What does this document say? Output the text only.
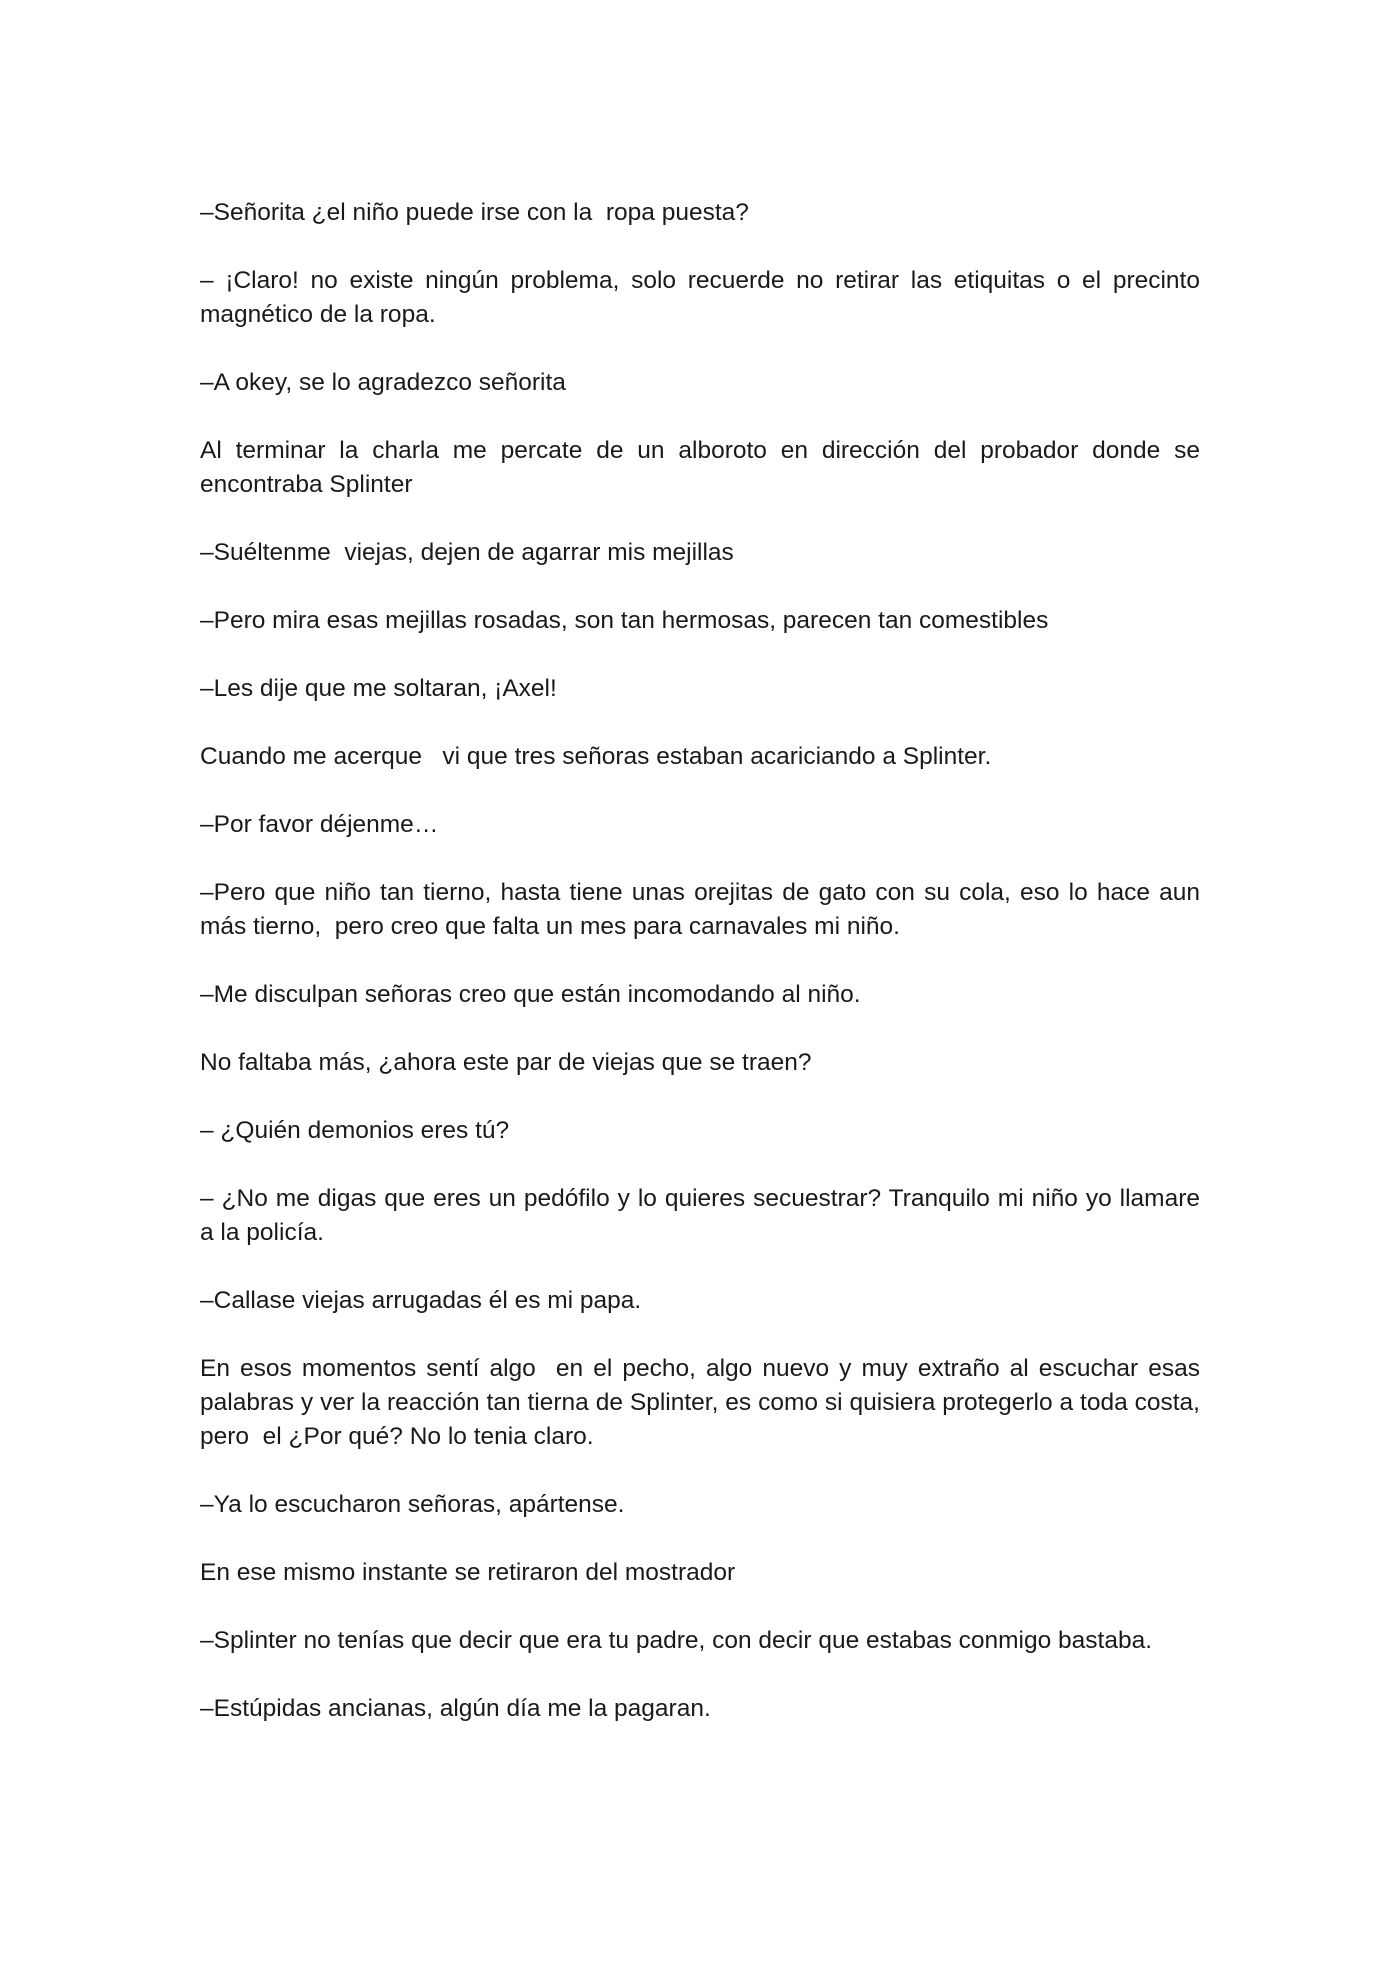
–Señorita ¿el niño puede irse con la  ropa puesta?

– ¡Claro! no existe ningún problema, solo recuerde no retirar las etiquitas o el precinto magnético de la ropa.

–A okey, se lo agradezco señorita

Al terminar la charla me percate de un alboroto en dirección del probador donde se encontraba Splinter

–Suéltenme  viejas, dejen de agarrar mis mejillas

–Pero mira esas mejillas rosadas, son tan hermosas, parecen tan comestibles

–Les dije que me soltaran, ¡Axel!

Cuando me acerque   vi que tres señoras estaban acariciando a Splinter.

–Por favor déjenme…

–Pero que niño tan tierno, hasta tiene unas orejitas de gato con su cola, eso lo hace aun más tierno,  pero creo que falta un mes para carnavales mi niño.

–Me disculpan señoras creo que están incomodando al niño.

No faltaba más, ¿ahora este par de viejas que se traen?

– ¿Quién demonios eres tú?

– ¿No me digas que eres un pedófilo y lo quieres secuestrar? Tranquilo mi niño yo llamare a la policía.

–Callase viejas arrugadas él es mi papa.

En esos momentos sentí algo  en el pecho, algo nuevo y muy extraño al escuchar esas palabras y ver la reacción tan tierna de Splinter, es como si quisiera protegerlo a toda costa, pero  el ¿Por qué? No lo tenia claro.

–Ya lo escucharon señoras, apártense.

En ese mismo instante se retiraron del mostrador

–Splinter no tenías que decir que era tu padre, con decir que estabas conmigo bastaba.

–Estúpidas ancianas, algún día me la pagaran.
